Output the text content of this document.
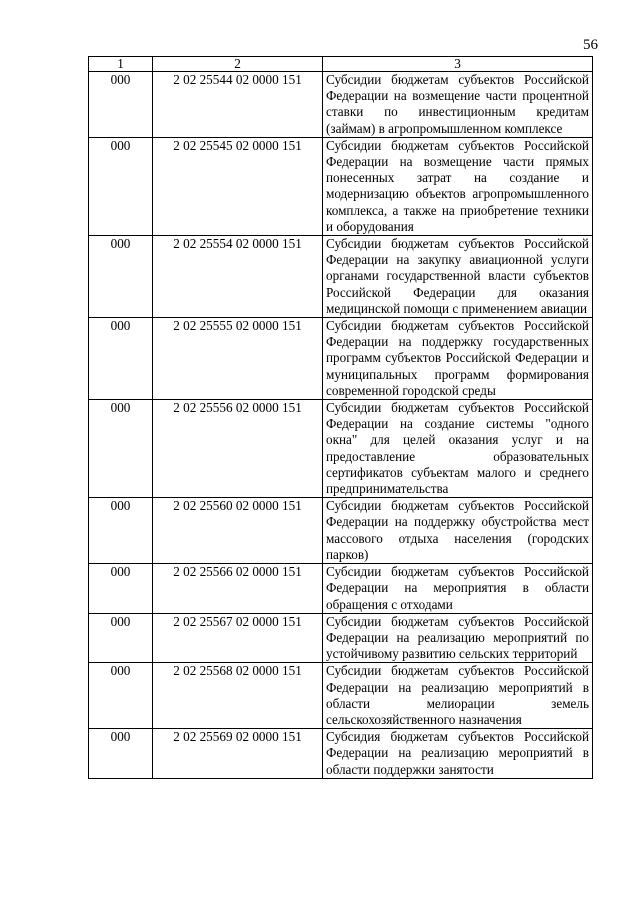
56
1	2	3
000	2 02 25544 02 0000 151	Субсидии бюджетам субъектов Российской Федерации на возмещение части процентной ставки по инвестиционным кредитам (займам) в агропромышленном комплексе
000	2 02 25545 02 0000 151	Субсидии бюджетам субъектов Российской Федерации на возмещение части прямых понесенных затрат на создание и модернизацию объектов агропромышленного комплекса, а также на приобретение техники и оборудования
000	2 02 25554 02 0000 151	Субсидии бюджетам субъектов Российской Федерации на закупку авиационной услуги органами государственной власти субъектов Российской Федерации для оказания медицинской помощи с применением авиации
000	2 02 25555 02 0000 151	Субсидии бюджетам субъектов Российской Федерации на поддержку государственных программ субъектов Российской Федерации и муниципальных программ формирования современной городской среды
000	2 02 25556 02 0000 151	Субсидии бюджетам субъектов Российской Федерации на создание системы "одного окна" для целей оказания услуг и на предоставление образовательных сертификатов субъектам малого и среднего предпринимательства
000	2 02 25560 02 0000 151	Субсидии бюджетам субъектов Российской Федерации на поддержку обустройства мест массового отдыха населения (городских парков)
000	2 02 25566 02 0000 151	Субсидии бюджетам субъектов Российской Федерации на мероприятия в области обращения с отходами
000	2 02 25567 02 0000 151	Субсидии бюджетам субъектов Российской Федерации на реализацию мероприятий по устойчивому развитию сельских территорий
000	2 02 25568 02 0000 151	Субсидии бюджетам субъектов Российской Федерации на реализацию мероприятий в области мелиорации земель сельскохозяйственного назначения
000	2 02 25569 02 0000 151	Субсидия бюджетам субъектов Российской Федерации на реализацию мероприятий в области поддержки занятости
